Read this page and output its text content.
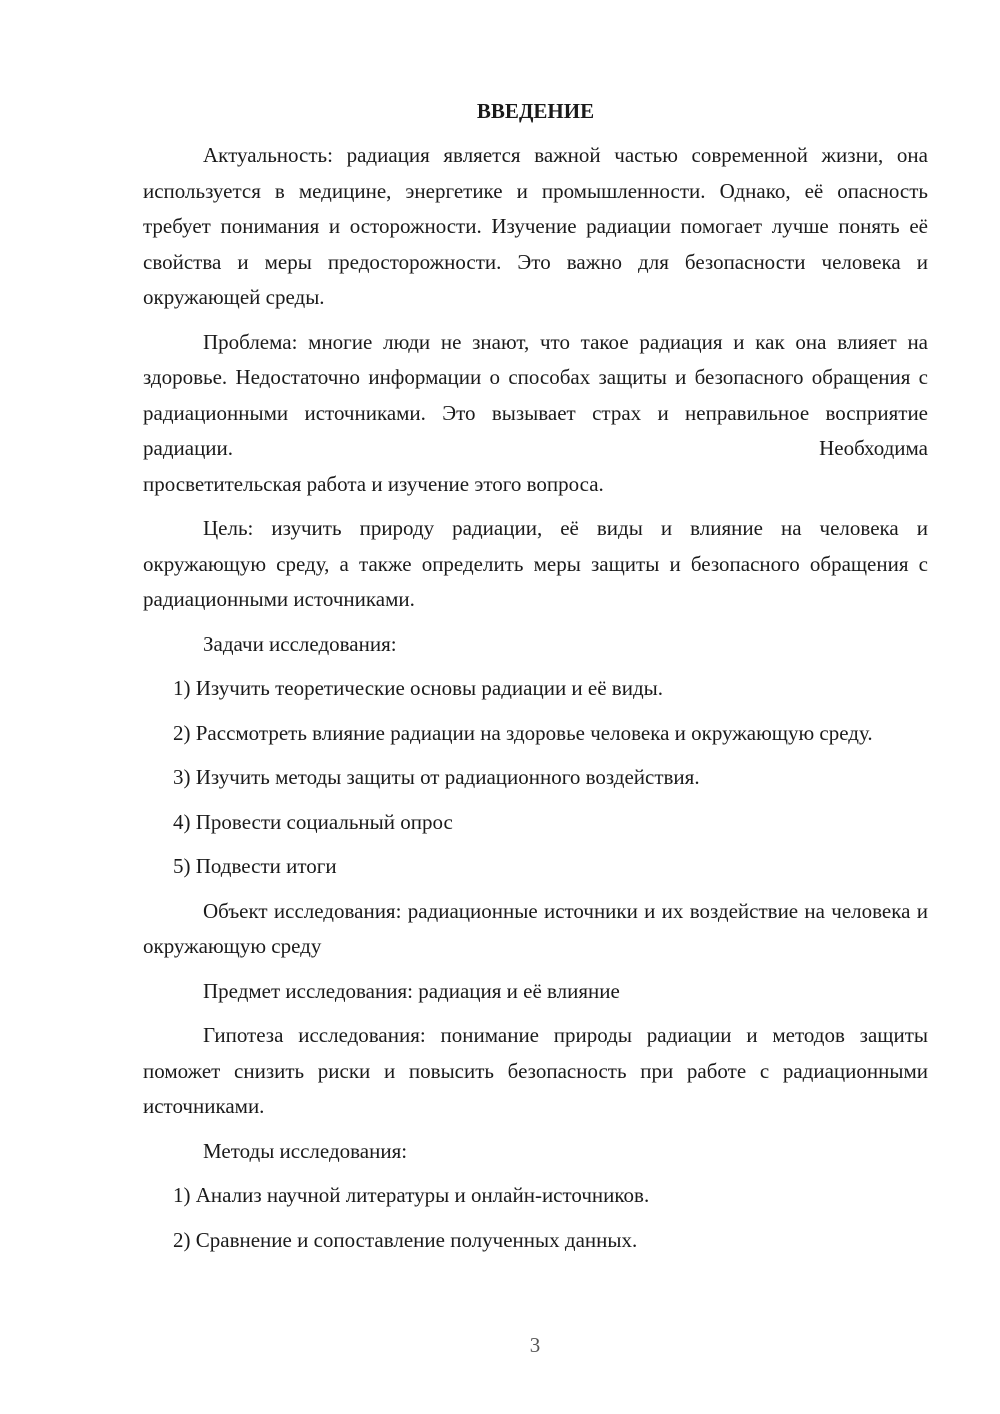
ВВЕДЕНИЕ

Актуальность: радиация является важной частью современной жизни, она используется в медицине, энергетике и промышленности. Однако, её опасность требует понимания и осторожности. Изучение радиации помогает лучше понять её свойства и меры предосторожности. Это важно для безопасности человека и окружающей среды.

Проблема: многие люди не знают, что такое радиация и как она влияет на здоровье. Недостаточно информации о способах защиты и безопасного обращения с радиационными источниками. Это вызывает страх и неправильное восприятие радиации. Необходима

просветительская работа и изучение этого вопроса.

Цель: изучить природу радиации, её виды и влияние на человека и окружающую среду, а также определить меры защиты и безопасного обращения с радиационными источниками.

Задачи исследования:

1) Изучить теоретические основы радиации и её виды.

2) Рассмотреть влияние радиации на здоровье человека и окружающую среду.

3) Изучить методы защиты от радиационного воздействия.

4) Провести социальный опрос

5) Подвести итоги

Объект исследования: радиационные источники и их воздействие на человека и окружающую среду

Предмет исследования: радиация и её влияние

Гипотеза исследования: понимание природы радиации и методов защиты поможет снизить риски и повысить безопасность при работе с радиационными источниками.

Методы исследования:

1) Анализ научной литературы и онлайн-источников.

2) Сравнение и сопоставление полученных данных.

3
